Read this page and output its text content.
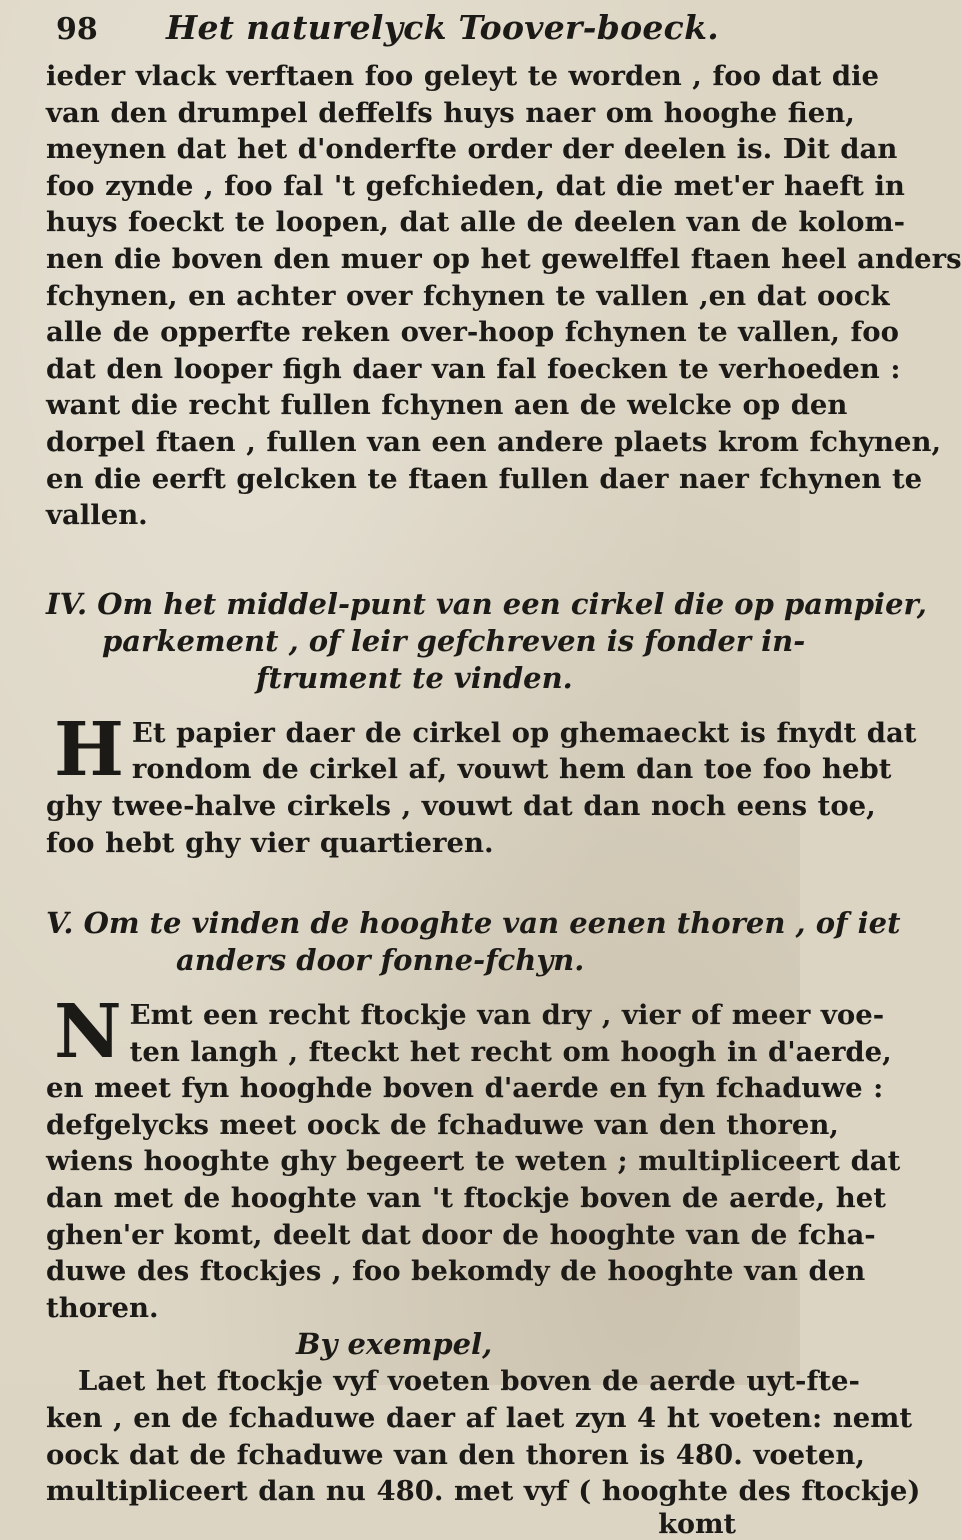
98	Het naturelyck Toover-boeck.
ieder vlack verftaen foo geleyt te worden , foo dat die
van den drumpel deffelfs huys naer om hooghe fien,
meynen dat het d'onderfte order der deelen is. Dit dan
foo zynde , foo fal 't gefchieden, dat die met'er haeft in
huys foeckt te loopen, dat alle de deelen van de kolom-
nen die boven den muer op het gewelffel ftaen heel anders
fchynen, en achter over fchynen te vallen ,en dat oock
alle de opperfte reken over-hoop fchynen te vallen, foo
dat den looper figh daer van fal foecken te verhoeden :
want die recht fullen fchynen aen de welcke op den
dorpel ftaen , fullen van een andere plaets krom fchynen,
en die eerft gelcken te ftaen fullen daer naer fchynen te
vallen.
IV. Om het middel-punt van een cirkel die op pampier,
parkement , of leir gefchreven is fonder in-
ftrument te vinden.
H Et papier daer de cirkel op ghemaeckt is fnydt dat
rondom de cirkel af, vouwt hem dan toe foo hebt
ghy twee-halve cirkels , vouwt dat dan noch eens toe,
foo hebt ghy vier quartieren.
V. Om te vinden de hooghte van eenen thoren , of iet
anders door fonne-fchyn.
N Emt een recht ftockje van dry , vier of meer voe-
ten langh , fteckt het recht om hoogh in d'aerde,
en meet fyn hooghde boven d'aerde en fyn fchaduwe :
defgelycks meet oock de fchaduwe van den thoren,
wiens hooghte ghy begeert te weten ; multipliceert dat
dan met de hooghte van 't ftockje boven de aerde, het
ghen'er komt, deelt dat door de hooghte van de fcha-
duwe des ftockjes , foo bekomdy de hooghte van den
thoren.
By exempel,
Laet het ftockje vyf voeten boven de aerde uyt-fte-
ken , en de fchaduwe daer af laet zyn 4 ht voeten: nemt
oock dat de fchaduwe van den thoren is 480. voeten,
multipliceert dan nu 480. met vyf ( hooghte des ftockje)
komt
